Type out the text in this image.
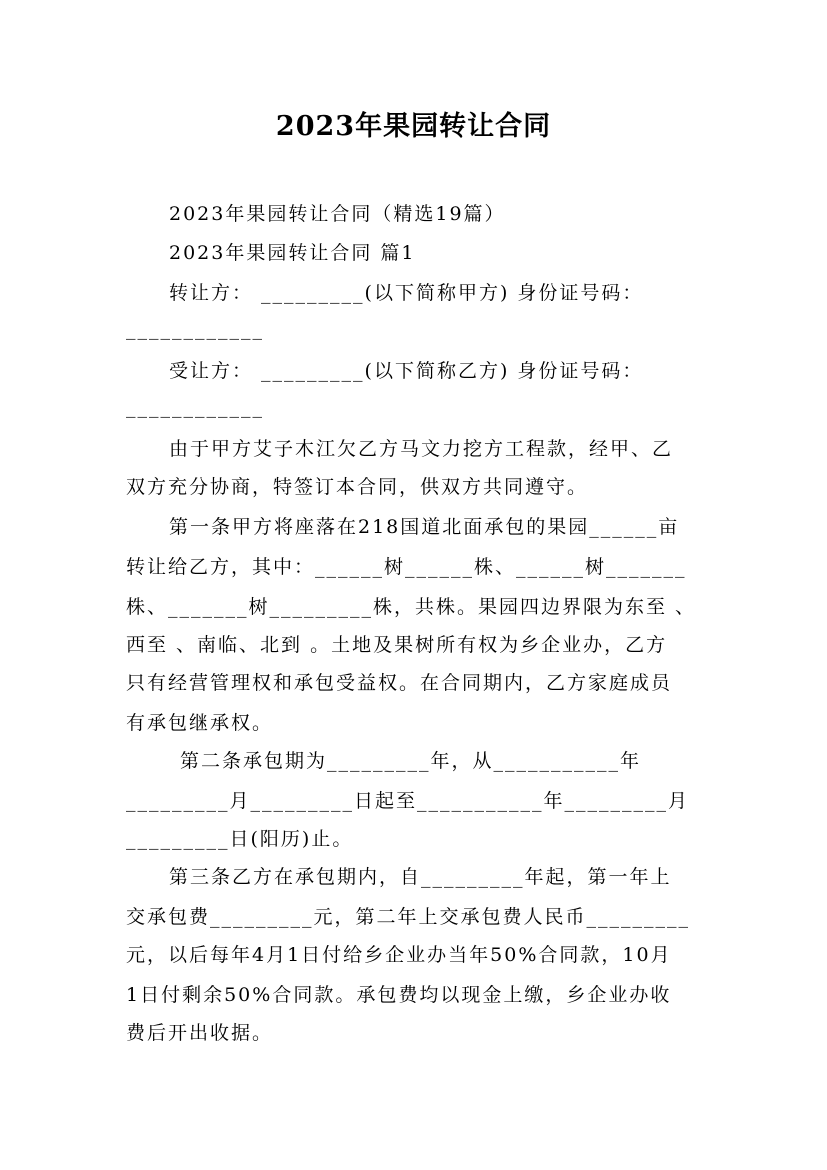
2023年果园转让合同
2023年果园转让合同（精选19篇）
2023年果园转让合同 篇1
转让方： _________(以下简称甲方) 身份证号码：
____________
受让方： _________(以下简称乙方) 身份证号码：
____________
由于甲方艾子木江欠乙方马文力挖方工程款，经甲、乙
双方充分协商，特签订本合同，供双方共同遵守。
第一条甲方将座落在218国道北面承包的果园______亩
转让给乙方，其中：______树______株、______树_______
株、_______树_________株，共株。果园四边界限为东至 、
西至 、南临、北到 。土地及果树所有权为乡企业办，乙方
只有经营管理权和承包受益权。在合同期内，乙方家庭成员
有承包继承权。
第二条承包期为_________年，从___________年
_________月_________日起至___________年_________月
_________日(阳历)止。
第三条乙方在承包期内，自_________年起，第一年上
交承包费_________元，第二年上交承包费人民币_________
元，以后每年4月1日付给乡企业办当年50%合同款，10月
1日付剩余50%合同款。承包费均以现金上缴，乡企业办收
费后开出收据。
